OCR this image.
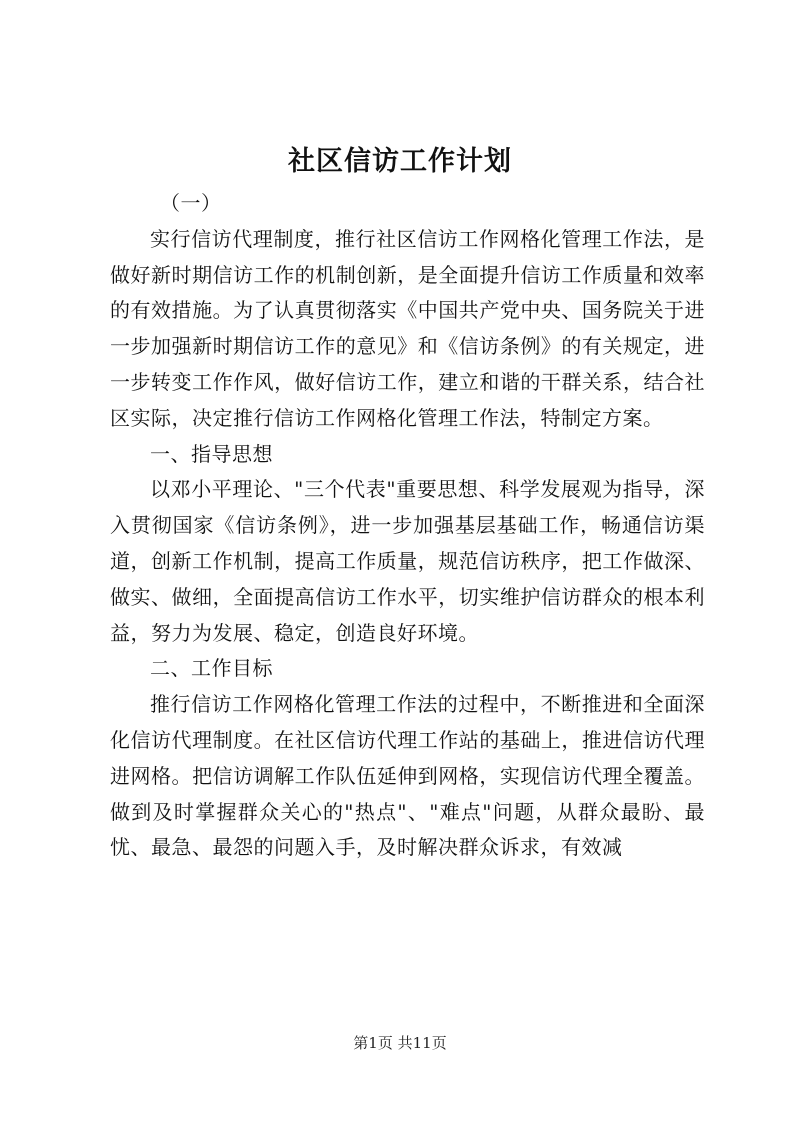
社区信访工作计划

（一）

实行信访代理制度，推行社区信访工作网格化管理工作法，是做好新时期信访工作的机制创新，是全面提升信访工作质量和效率的有效措施。为了认真贯彻落实《中国共产党中央、国务院关于进一步加强新时期信访工作的意见》和《信访条例》的有关规定，进一步转变工作作风，做好信访工作，建立和谐的干群关系，结合社区实际，决定推行信访工作网格化管理工作法，特制定方案。

一、指导思想

以邓小平理论、"三个代表"重要思想、科学发展观为指导，深入贯彻国家《信访条例》，进一步加强基层基础工作，畅通信访渠道，创新工作机制，提高工作质量，规范信访秩序，把工作做深、做实、做细，全面提高信访工作水平，切实维护信访群众的根本利益，努力为发展、稳定，创造良好环境。

二、工作目标

推行信访工作网格化管理工作法的过程中，不断推进和全面深化信访代理制度。在社区信访代理工作站的基础上，推进信访代理进网格。把信访调解工作队伍延伸到网格，实现信访代理全覆盖。做到及时掌握群众关心的"热点"、"难点"问题，从群众最盼、最忧、最急、最怨的问题入手，及时解决群众诉求，有效减

第1页 共11页
